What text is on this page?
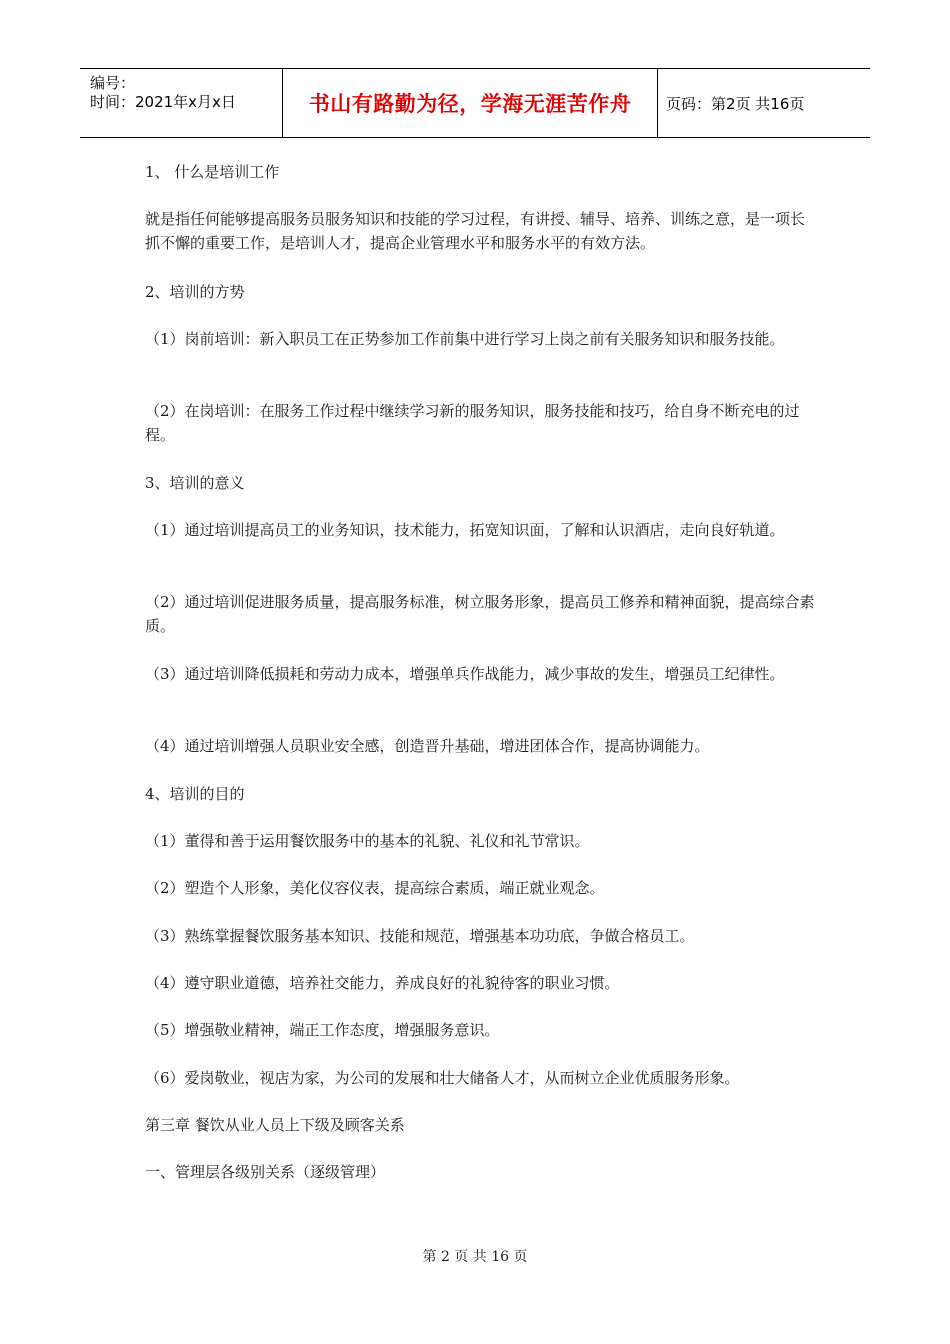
编号：
时间：2021年x月x日	书山有路勤为径，学海无涯苦作舟	页码：第2页 共16页

1、 什么是培训工作

就是指任何能够提高服务员服务知识和技能的学习过程，有讲授、辅导、培养、训练之意，是一项长抓不懈的重要工作，是培训人才，提高企业管理水平和服务水平的有效方法。

2、培训的方势

（1）岗前培训：新入职员工在正势参加工作前集中进行学习上岗之前有关服务知识和服务技能。

（2）在岗培训：在服务工作过程中继续学习新的服务知识，服务技能和技巧，给自身不断充电的过程。

3、培训的意义

（1）通过培训提高员工的业务知识，技术能力，拓宽知识面，了解和认识酒店，走向良好轨道。

（2）通过培训促进服务质量，提高服务标准，树立服务形象，提高员工修养和精神面貌，提高综合素质。

（3）通过培训降低损耗和劳动力成本，增强单兵作战能力，减少事故的发生，增强员工纪律性。

（4）通过培训增强人员职业安全感，创造晋升基础，增进团体合作，提高协调能力。

4、培训的目的

（1）董得和善于运用餐饮服务中的基本的礼貌、礼仪和礼节常识。

（2）塑造个人形象，美化仪容仪表，提高综合素质，端正就业观念。

（3）熟练掌握餐饮服务基本知识、技能和规范，增强基本功功底，争做合格员工。

（4）遵守职业道德，培养社交能力，养成良好的礼貌待客的职业习惯。

（5）增强敬业精神，端正工作态度，增强服务意识。

（6）爱岗敬业，视店为家，为公司的发展和壮大储备人才，从而树立企业优质服务形象。

第三章 餐饮从业人员上下级及顾客关系

一、管理层各级别关系（逐级管理）

第 2 页 共 16 页
